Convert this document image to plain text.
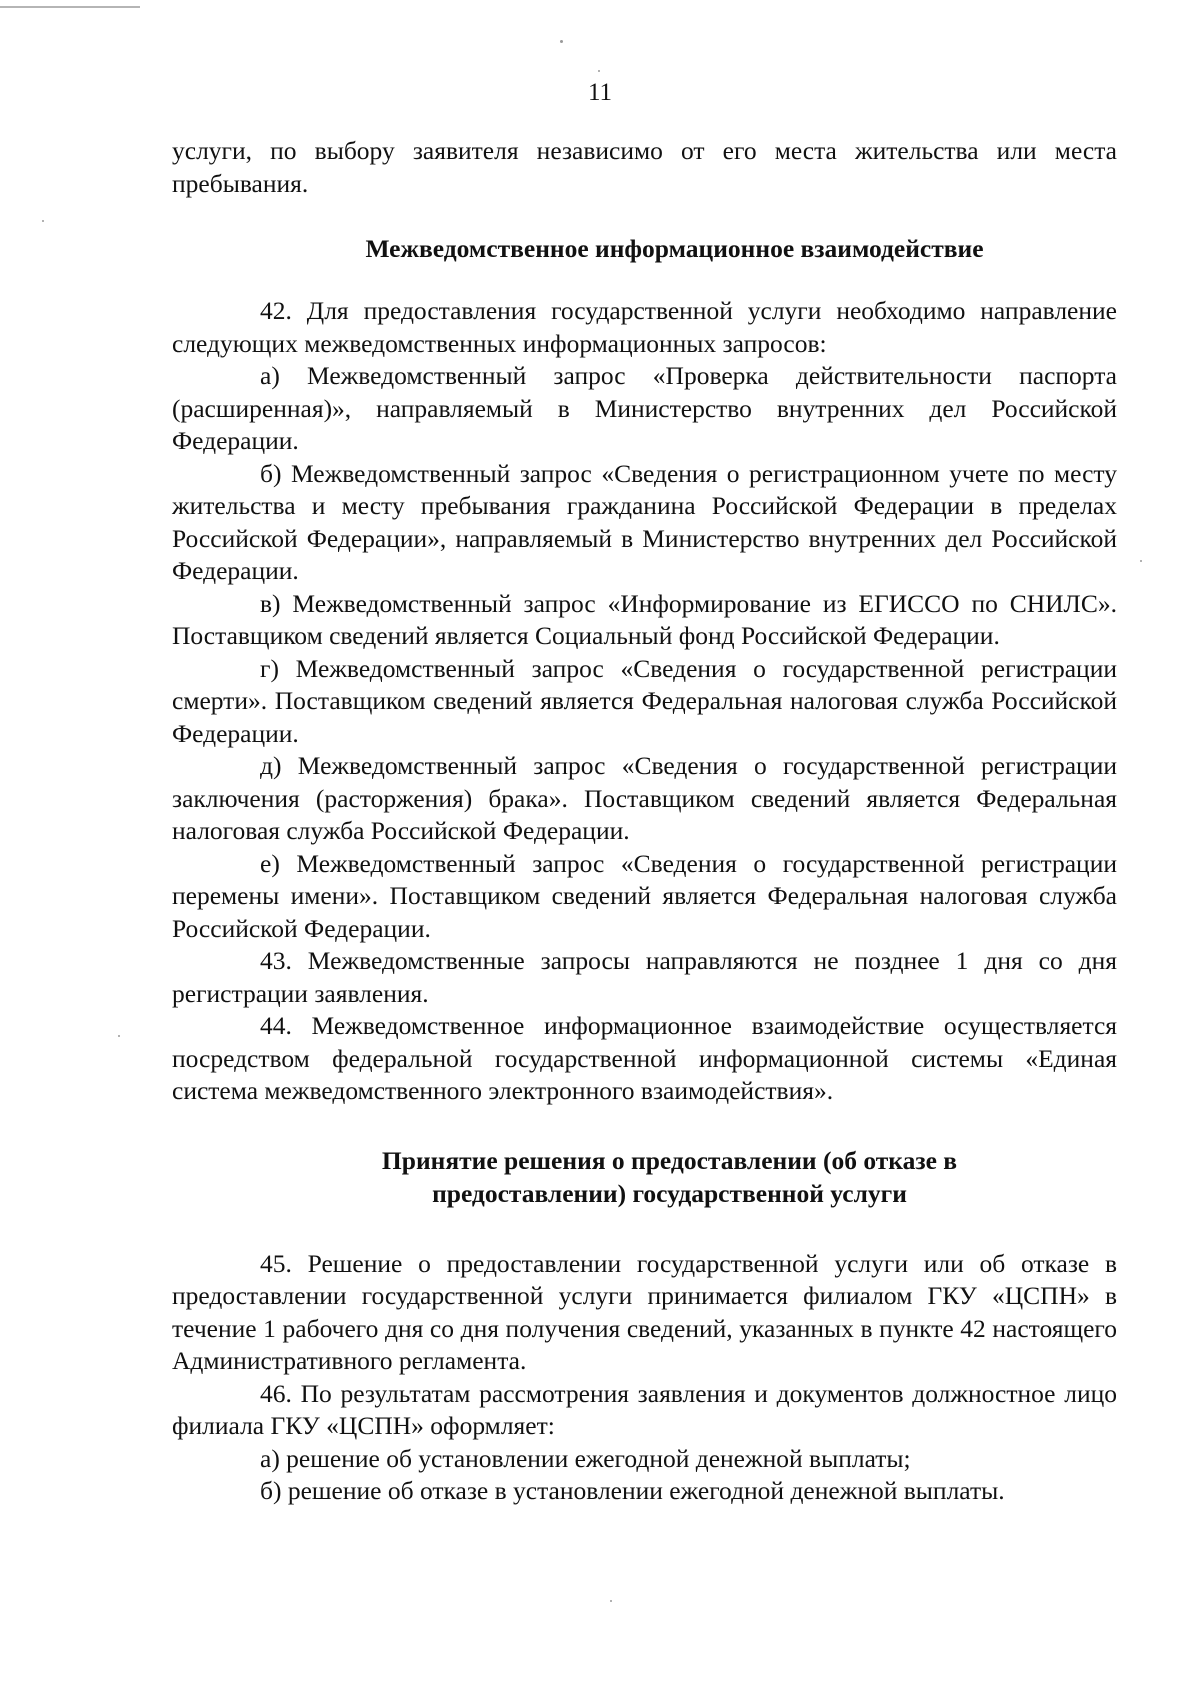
11

услуги, по выбору заявителя независимо от его места жительства или места пребывания.

Межведомственное информационное взаимодействие

42. Для предоставления государственной услуги необходимо направление следующих межведомственных информационных запросов:

а) Межведомственный запрос «Проверка действительности паспорта (расширенная)», направляемый в Министерство внутренних дел Российской Федерации.

б) Межведомственный запрос «Сведения о регистрационном учете по месту жительства и месту пребывания гражданина Российской Федерации в пределах Российской Федерации», направляемый в Министерство внутренних дел Российской Федерации.

в) Межведомственный запрос «Информирование из ЕГИССО по СНИЛС». Поставщиком сведений является Социальный фонд Российской Федерации.

г) Межведомственный запрос «Сведения о государственной регистрации смерти». Поставщиком сведений является Федеральная налоговая служба Российской Федерации.

д) Межведомственный запрос «Сведения о государственной регистрации заключения (расторжения) брака». Поставщиком сведений является Федеральная налоговая служба Российской Федерации.

е) Межведомственный запрос «Сведения о государственной регистрации перемены имени». Поставщиком сведений является Федеральная налоговая служба Российской Федерации.

43. Межведомственные запросы направляются не позднее 1 дня со дня регистрации заявления.

44. Межведомственное информационное взаимодействие осуществляется посредством федеральной государственной информационной системы «Единая система межведомственного электронного взаимодействия».

Принятие решения о предоставлении (об отказе в
предоставлении) государственной услуги

45. Решение о предоставлении государственной услуги или об отказе в предоставлении государственной услуги принимается филиалом ГКУ «ЦСПН» в течение 1 рабочего дня со дня получения сведений, указанных в пункте 42 настоящего Административного регламента.

46. По результатам рассмотрения заявления и документов должностное лицо филиала ГКУ «ЦСПН» оформляет:

а) решение об установлении ежегодной денежной выплаты;

б) решение об отказе в установлении ежегодной денежной выплаты.
